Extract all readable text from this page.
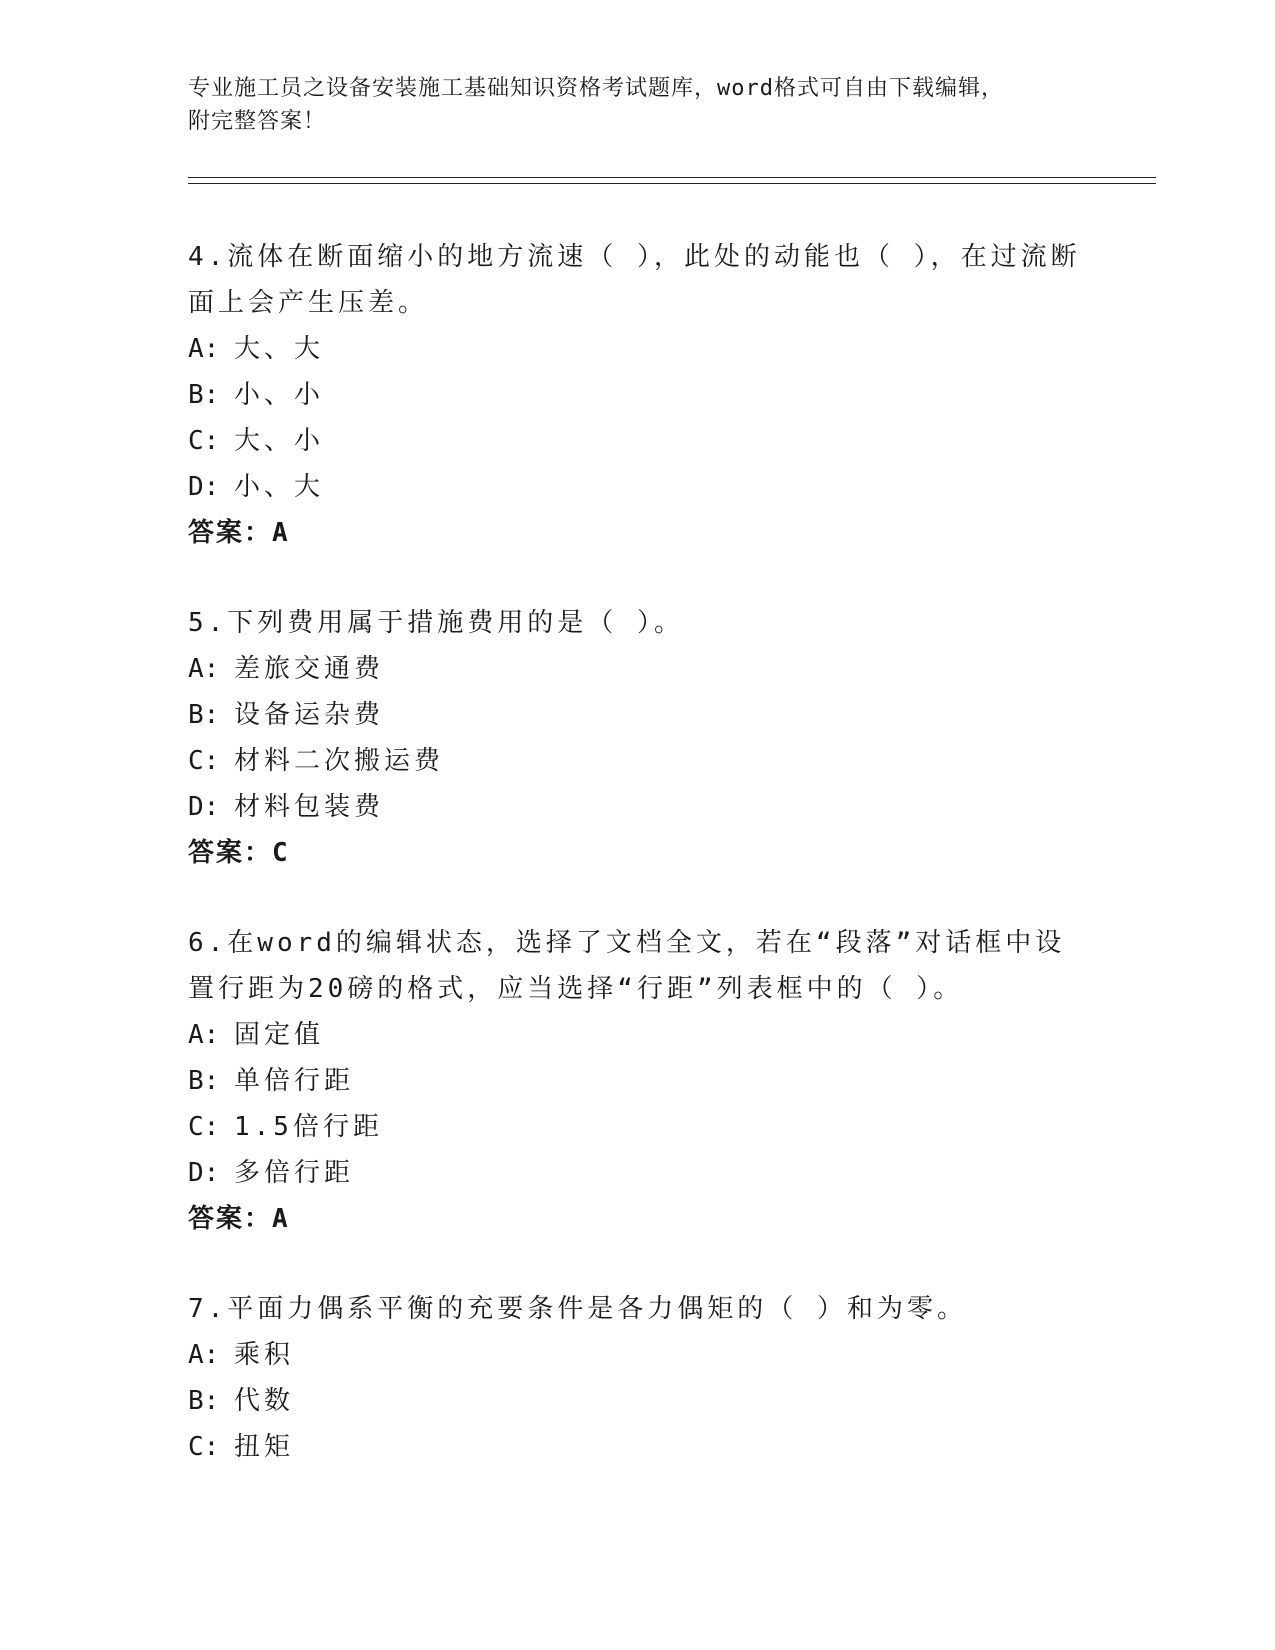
专业施工员之设备安装施工基础知识资格考试题库，word格式可自由下载编辑，
附完整答案！

4.流体在断面缩小的地方流速（ ），此处的动能也（ ），在过流断面上会产生压差。

A: 大、大

B: 小、小

C: 大、小

D: 小、大

答案：A

5.下列费用属于措施费用的是（ ）。

A: 差旅交通费

B: 设备运杂费

C: 材料二次搬运费

D: 材料包装费

答案：C

6.在word的编辑状态，选择了文档全文，若在“段落”对话框中设置行距为20磅的格式，应当选择“行距”列表框中的（ ）。

A: 固定值

B: 单倍行距

C: 1.5倍行距

D: 多倍行距

答案：A

7.平面力偶系平衡的充要条件是各力偶矩的（ ）和为零。

A: 乘积

B: 代数

C: 扭矩
